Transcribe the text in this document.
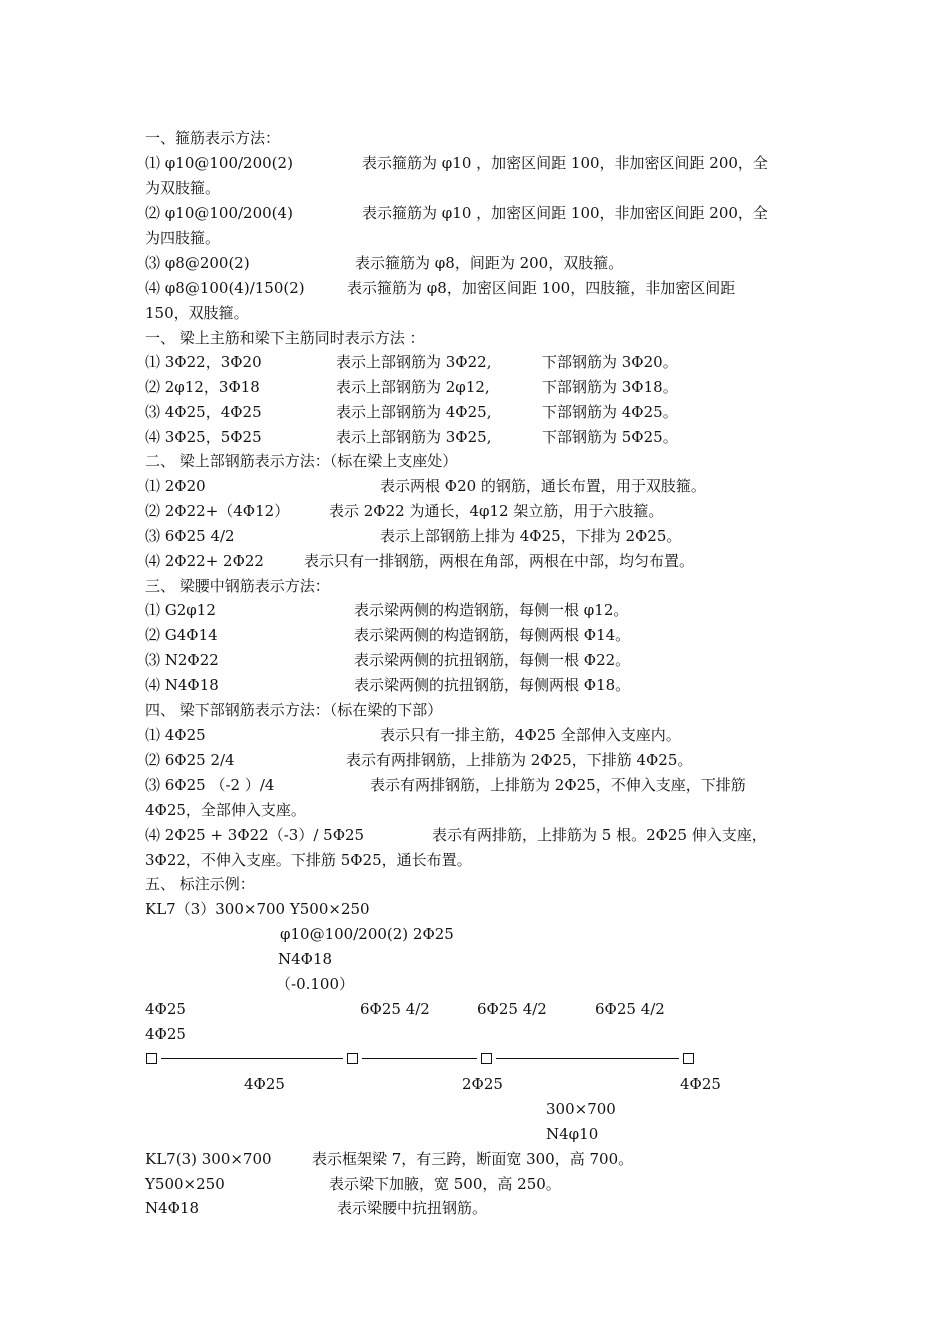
一、箍筋表示方法：
⑴ φ10@100/200(2)	表示箍筋为 φ10 ，加密区间距 100，非加密区间距 200，全
为双肢箍。
⑵ φ10@100/200(4)	表示箍筋为 φ10 ，加密区间距 100，非加密区间距 200，全
为四肢箍。
⑶ φ8@200(2)	表示箍筋为 φ8，间距为 200，双肢箍。
⑷ φ8@100(4)/150(2)	表示箍筋为 φ8，加密区间距 100，四肢箍，非加密区间距
150，双肢箍。
一、 梁上主筋和梁下主筋同时表示方法 ：
⑴ 3Φ22，3Φ20	表示上部钢筋为 3Φ22,	下部钢筋为 3Φ20。
⑵ 2φ12，3Φ18	表示上部钢筋为 2φ12,	下部钢筋为 3Φ18。
⑶ 4Φ25，4Φ25	表示上部钢筋为 4Φ25,	下部钢筋为 4Φ25。
⑷ 3Φ25，5Φ25	表示上部钢筋为 3Φ25,	下部钢筋为 5Φ25。
二、 梁上部钢筋表示方法：（标在梁上支座处）
⑴ 2Φ20	表示两根 Φ20 的钢筋，通长布置，用于双肢箍。
⑵ 2Φ22+（4Φ12）	表示 2Φ22 为通长，4φ12 架立筋，用于六肢箍。
⑶ 6Φ25 4/2	表示上部钢筋上排为 4Φ25，下排为 2Φ25。
⑷ 2Φ22+ 2Φ22	表示只有一排钢筋，两根在角部，两根在中部，均匀布置。
三、 梁腰中钢筋表示方法：
⑴ G2φ12	表示梁两侧的构造钢筋，每侧一根 φ12。
⑵ G4Φ14	表示梁两侧的构造钢筋，每侧两根 Φ14。
⑶ N2Φ22	表示梁两侧的抗扭钢筋，每侧一根 Φ22。
⑷ N4Φ18	表示梁两侧的抗扭钢筋，每侧两根 Φ18。
四、 梁下部钢筋表示方法：（标在梁的下部）
⑴ 4Φ25	表示只有一排主筋，4Φ25 全部伸入支座内。
⑵ 6Φ25 2/4	表示有两排钢筋，上排筋为 2Φ25，下排筋 4Φ25。
⑶ 6Φ25 （-2 ）/4	表示有两排钢筋，上排筋为 2Φ25，不伸入支座，下排筋
4Φ25，全部伸入支座。
⑷ 2Φ25 + 3Φ22（-3）/ 5Φ25	表示有两排筋，上排筋为 5 根。2Φ25 伸入支座，
3Φ22，不伸入支座。下排筋 5Φ25，通长布置。
五、 标注示例：
KL7（3）300×700 Y500×250
φ10@100/200(2) 2Φ25
N4Φ18
（-0.100）
4Φ25	6Φ25 4/2	6Φ25 4/2	6Φ25 4/2
4Φ25
4Φ25	2Φ25	4Φ25
300×700
N4φ10
KL7(3) 300×700	表示框架梁 7，有三跨，断面宽 300，高 700。
Y500×250	表示梁下加腋，宽 500，高 250。
N4Φ18	表示梁腰中抗扭钢筋。
